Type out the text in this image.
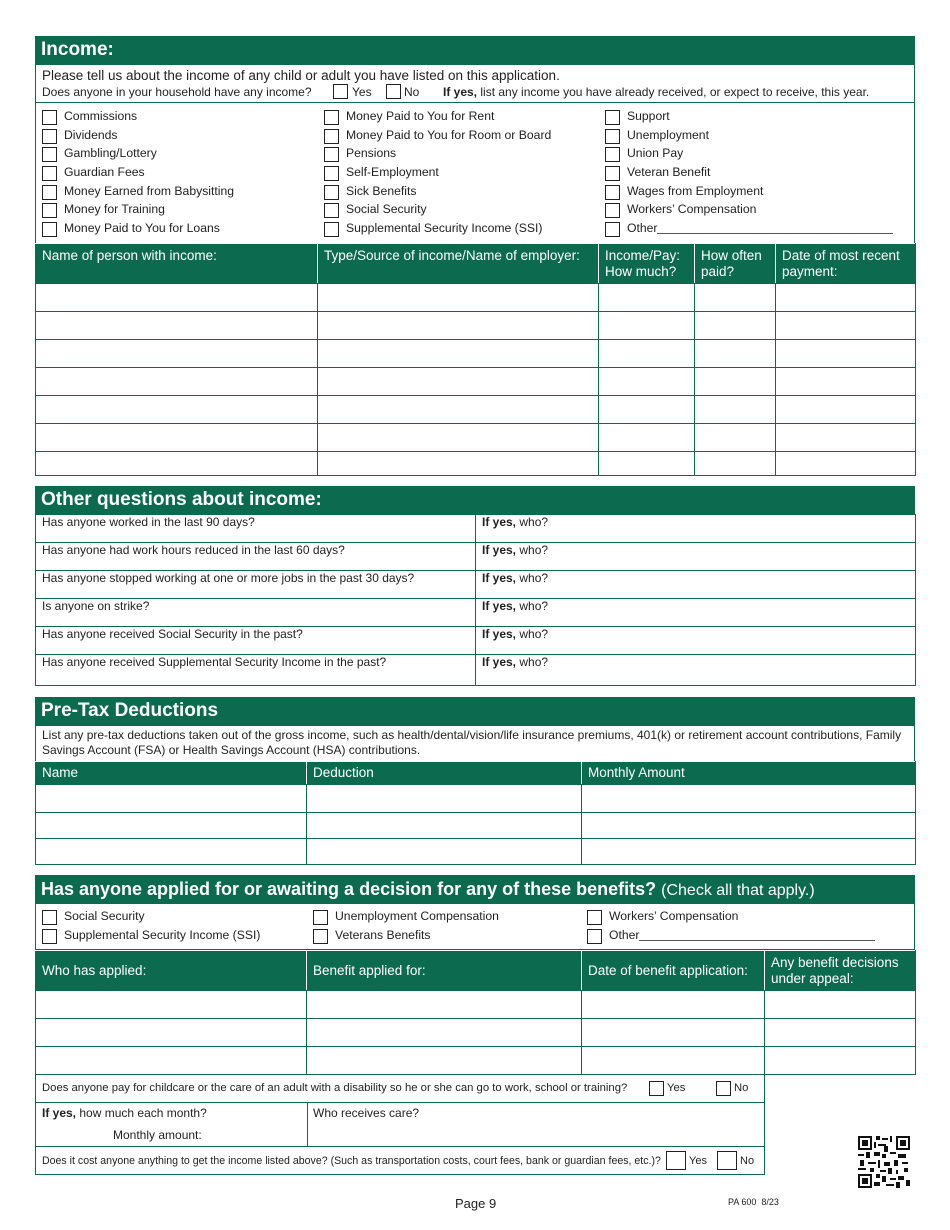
Income:
Please tell us about the income of any child or adult you have listed on this application.
Does anyone in your household have any income?	Yes	No If yes, list any income you have already received, or expect to receive, this year.
Commissions
Dividends
Gambling/Lottery
Guardian Fees
Money Earned from Babysitting
Money for Training
Money Paid to You for Loans
Money Paid to You for Rent
Money Paid to You for Room or Board
Pensions
Self-Employment
Sick Benefits
Social Security
Supplemental Security Income (SSI)
Support
Unemployment
Union Pay
Veteran Benefit
Wages from Employment
Workers’ Compensation
Other
Name of person with income:	Type/Source of income/Name of employer:	Income/Pay: How much?	How often paid?	Date of most recent payment:

Other questions about income:
Has anyone worked in the last 90 days?	If yes, who?
Has anyone had work hours reduced in the last 60 days?	If yes, who?
Has anyone stopped working at one or more jobs in the past 30 days?	If yes, who?
Is anyone on strike?	If yes, who?
Has anyone received Social Security in the past?	If yes, who?
Has anyone received Supplemental Security Income in the past?	If yes, who?
Pre-Tax Deductions
List any pre-tax deductions taken out of the gross income, such as health/dental/vision/life insurance premiums, 401(k) or retirement account contributions, Family Savings Account (FSA) or Health Savings Account (HSA) contributions.
Name	Deduction	Monthly Amount

Has anyone applied for or awaiting a decision for any of these benefits? (Check all that apply.)
Social Security
Supplemental Security Income (SSI)
Unemployment Compensation
Veterans Benefits
Workers’ Compensation
Other
Who has applied:	Benefit applied for:	Date of benefit application:	Any benefit decisions under appeal:

Does anyone pay for childcare or the care of an adult with a disability so he or she can go to work, school or training?	Yes	No
If yes, how much each month?
Monthly amount:
Who receives care?
Does it cost anyone anything to get the income listed above? (Such as transportation costs, court fees, bank or guardian fees, etc.)?	Yes	No
Page 9	PA 600 8/23
